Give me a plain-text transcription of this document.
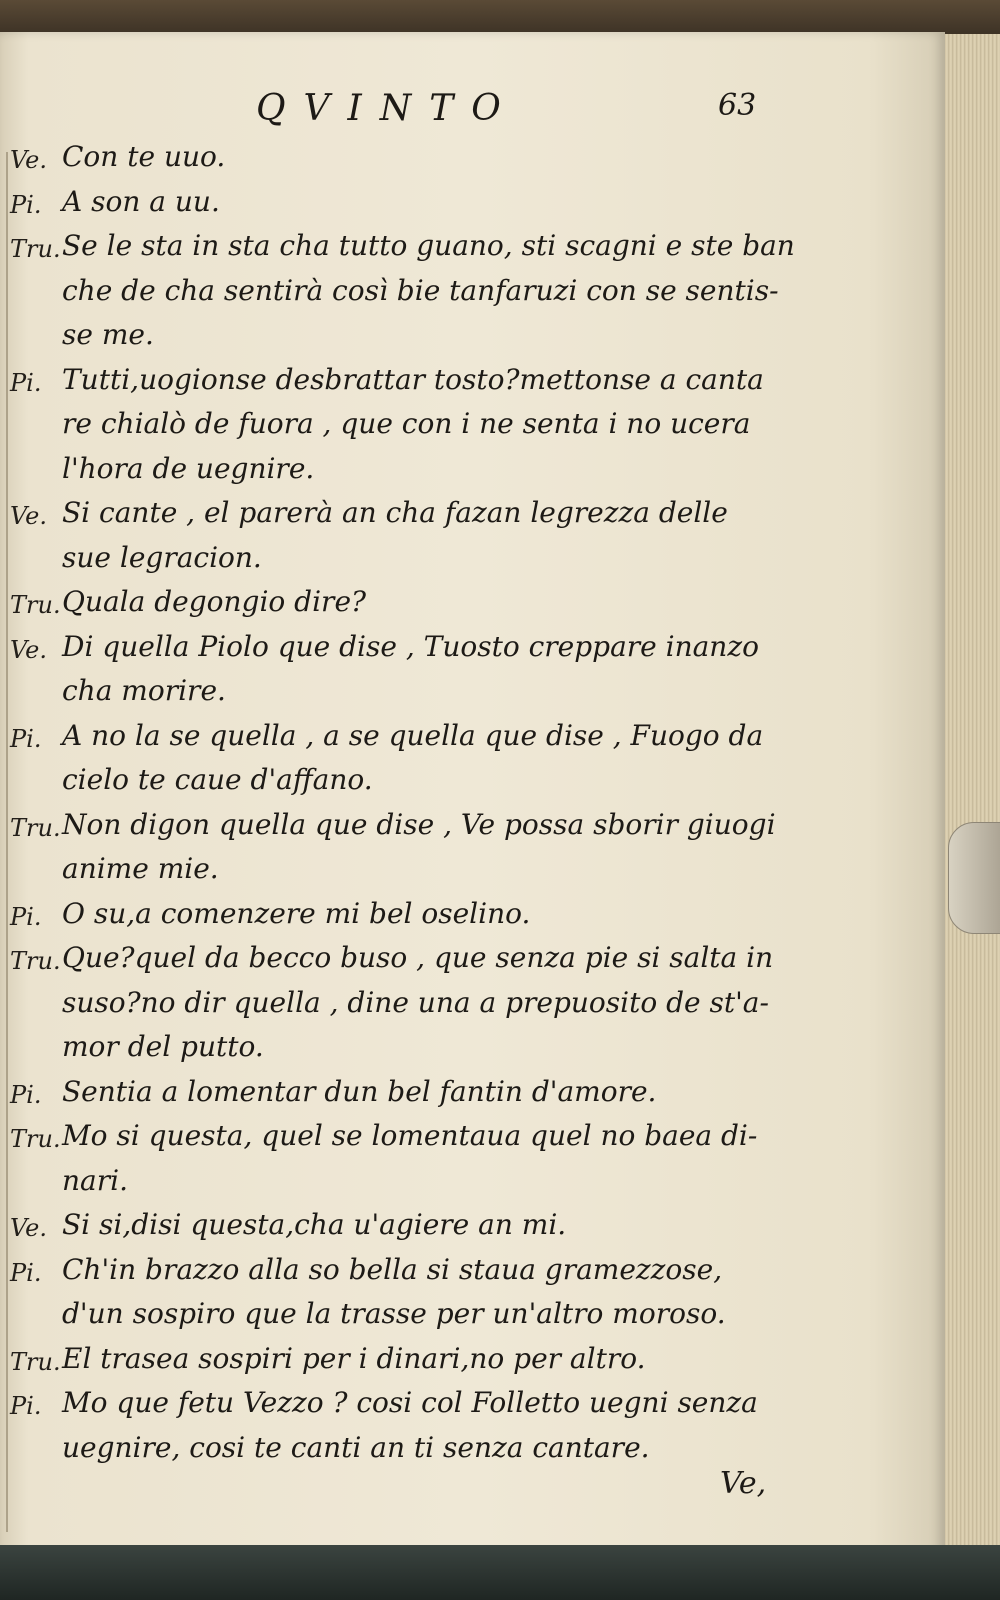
QVINTO	63
Ve. Con te uuo.
Pi. A son a uu.
Tru. Se le sta in sta cha tutto guano, sti scagni e ste ban
che de cha sentirà così bie tanfaruzi con se sentis-
se me.
Pi. Tutti,uogionse desbrattar tosto?mettonse a canta
re chialò de fuora , que con i ne senta i no ucera
l'hora de uegnire.
Ve. Si cante , el parerà an cha fazan legrezza delle
sue legracion.
Tru. Quala degongio dire?
Ve. Di quella Piolo que dise , Tuosto creppare inanzo
cha morire.
Pi. A no la se quella , a se quella que dise , Fuogo da
cielo te caue d'affano.
Tru. Non digon quella que dise , Ve possa sborir giuogi
anime mie.
Pi. O su,a comenzere mi bel oselino.
Tru. Que?quel da becco buso , que senza pie si salta in
suso?no dir quella , dine una a prepuosito de st'a-
mor del putto.
Pi. Sentia a lomentar dun bel fantin d'amore.
Tru. Mo si questa, quel se lomentaua quel no baea di-
nari.
Ve. Si si,disi questa,cha u'agiere an mi.
Pi. Ch'in brazzo alla so bella si staua gramezzose,
d'un sospiro que la trasse per un'altro moroso.
Tru. El trasea sospiri per i dinari,no per altro.
Pi. Mo que fetu Vezzo ? cosi col Folletto uegni senza
uegnire, cosi te canti an ti senza cantare.
Ve,
